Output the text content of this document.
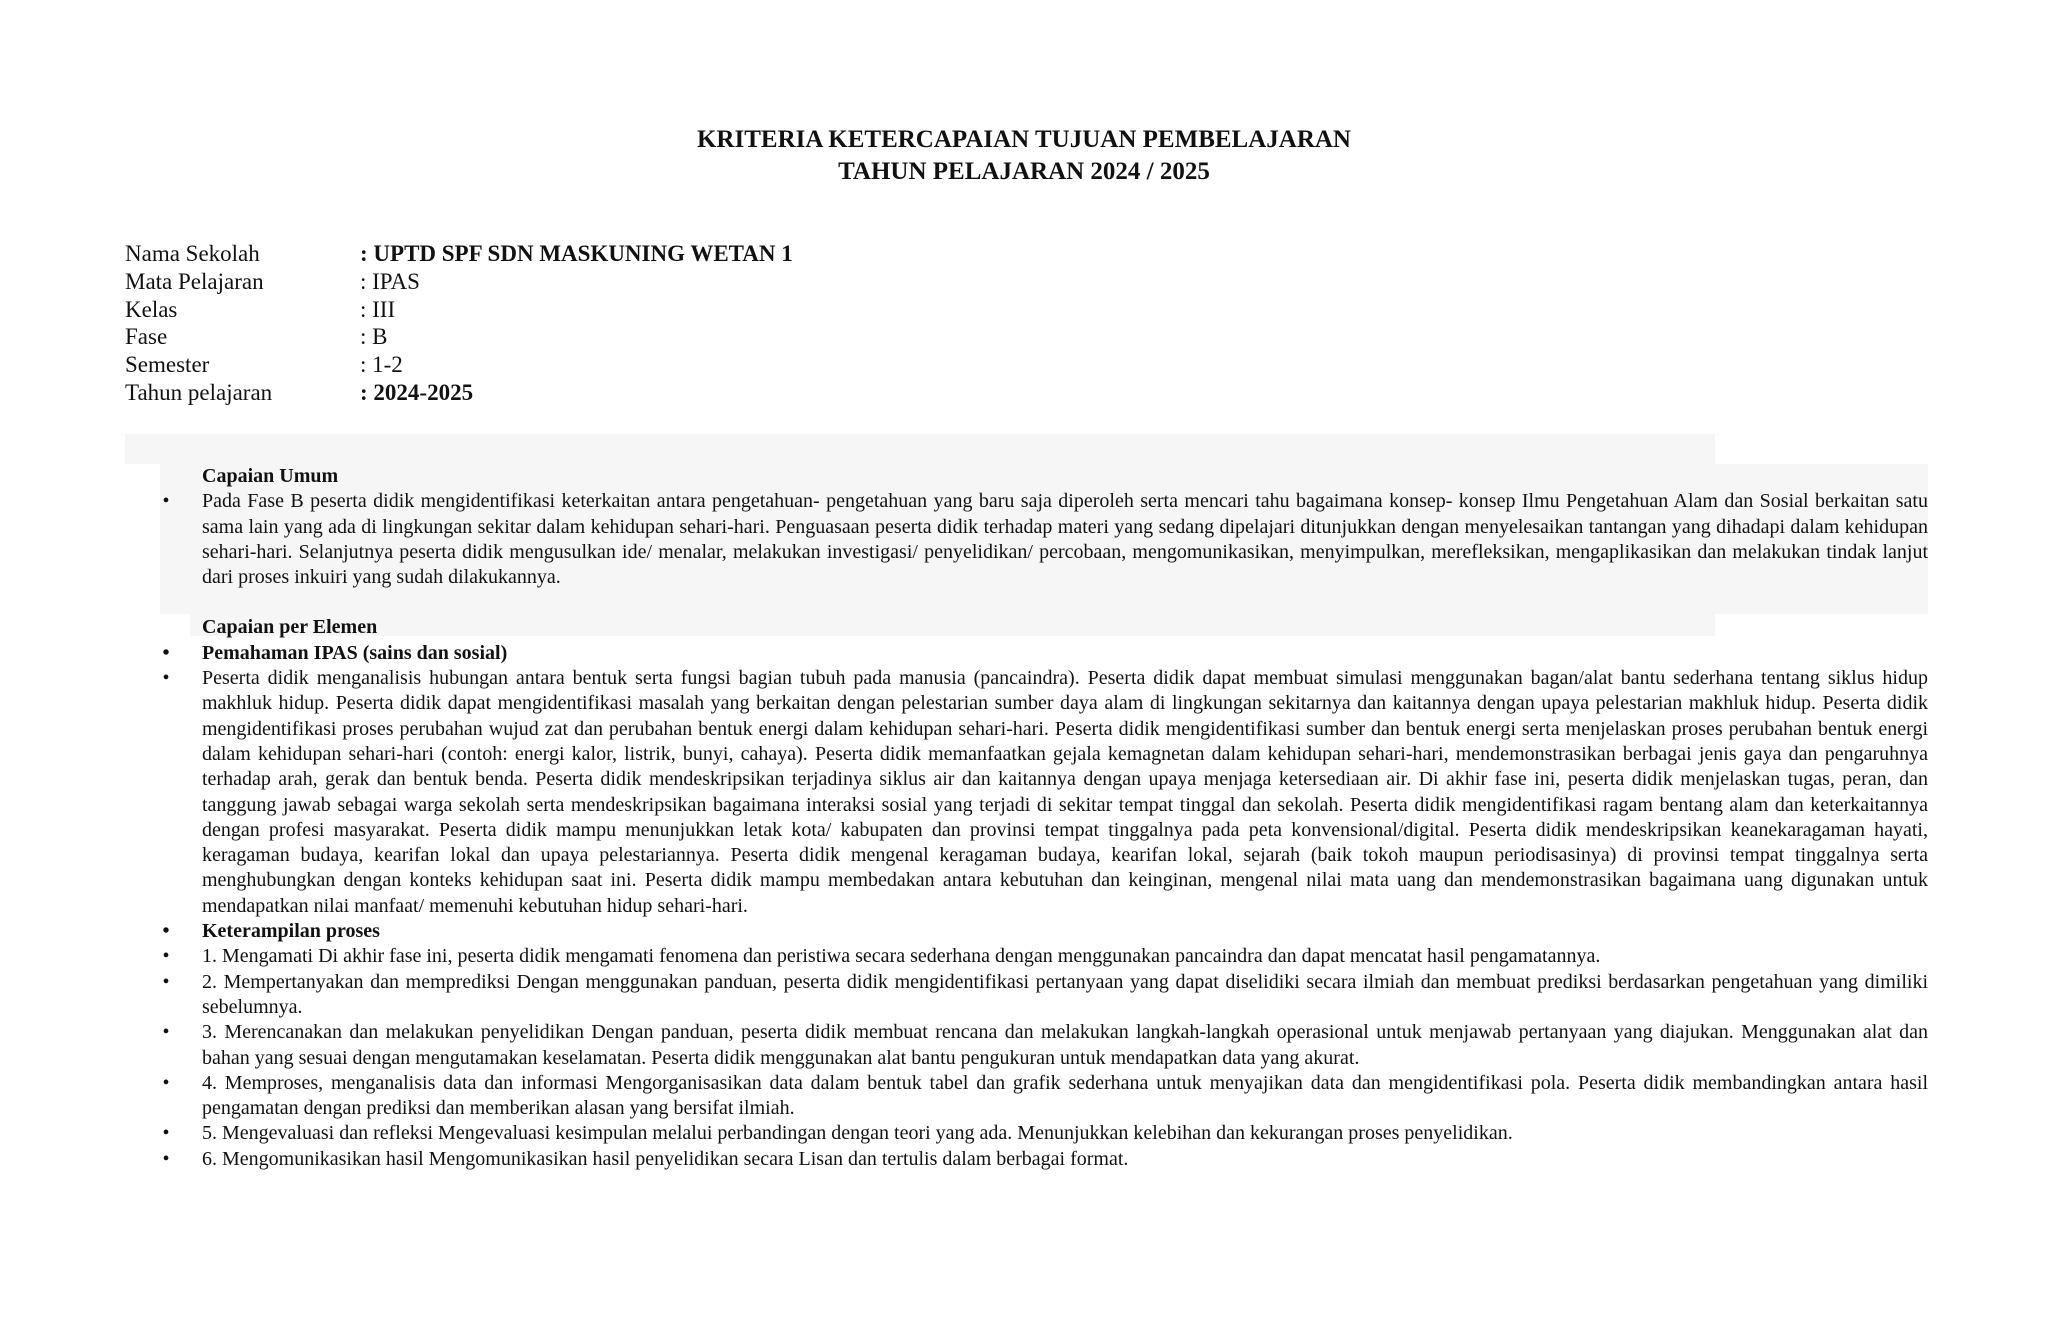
KRITERIA KETERCAPAIAN TUJUAN PEMBELAJARAN
TAHUN PELAJARAN 2024 / 2025
Nama Sekolah	: UPTD SPF SDN MASKUNING WETAN 1
Mata Pelajaran	: IPAS
Kelas	: III
Fase	: B
Semester	: 1-2
Tahun pelajaran	: 2024-2025
Capaian Umum
• Pada Fase B peserta didik mengidentifikasi keterkaitan antara pengetahuan- pengetahuan yang baru saja diperoleh serta mencari tahu bagaimana konsep- konsep Ilmu Pengetahuan Alam dan Sosial berkaitan satu sama lain yang ada di lingkungan sekitar dalam kehidupan sehari-hari. Penguasaan peserta didik terhadap materi yang sedang dipelajari ditunjukkan dengan menyelesaikan tantangan yang dihadapi dalam kehidupan sehari-hari. Selanjutnya peserta didik mengusulkan ide/ menalar, melakukan investigasi/ penyelidikan/ percobaan, mengomunikasikan, menyimpulkan, merefleksikan, mengaplikasikan dan melakukan tindak lanjut dari proses inkuiri yang sudah dilakukannya.
Capaian per Elemen
• Pemahaman IPAS (sains dan sosial)
• Peserta didik menganalisis hubungan antara bentuk serta fungsi bagian tubuh pada manusia (pancaindra). Peserta didik dapat membuat simulasi menggunakan bagan/alat bantu sederhana tentang siklus hidup makhluk hidup. Peserta didik dapat mengidentifikasi masalah yang berkaitan dengan pelestarian sumber daya alam di lingkungan sekitarnya dan kaitannya dengan upaya pelestarian makhluk hidup. Peserta didik mengidentifikasi proses perubahan wujud zat dan perubahan bentuk energi dalam kehidupan sehari-hari. Peserta didik mengidentifikasi sumber dan bentuk energi serta menjelaskan proses perubahan bentuk energi dalam kehidupan sehari-hari (contoh: energi kalor, listrik, bunyi, cahaya). Peserta didik memanfaatkan gejala kemagnetan dalam kehidupan sehari-hari, mendemonstrasikan berbagai jenis gaya dan pengaruhnya terhadap arah, gerak dan bentuk benda. Peserta didik mendeskripsikan terjadinya siklus air dan kaitannya dengan upaya menjaga ketersediaan air. Di akhir fase ini, peserta didik menjelaskan tugas, peran, dan tanggung jawab sebagai warga sekolah serta mendeskripsikan bagaimana interaksi sosial yang terjadi di sekitar tempat tinggal dan sekolah. Peserta didik mengidentifikasi ragam bentang alam dan keterkaitannya dengan profesi masyarakat. Peserta didik mampu menunjukkan letak kota/ kabupaten dan provinsi tempat tinggalnya pada peta konvensional/digital. Peserta didik mendeskripsikan keanekaragaman hayati, keragaman budaya, kearifan lokal dan upaya pelestariannya. Peserta didik mengenal keragaman budaya, kearifan lokal, sejarah (baik tokoh maupun periodisasinya) di provinsi tempat tinggalnya serta menghubungkan dengan konteks kehidupan saat ini. Peserta didik mampu membedakan antara kebutuhan dan keinginan, mengenal nilai mata uang dan mendemonstrasikan bagaimana uang digunakan untuk mendapatkan nilai manfaat/ memenuhi kebutuhan hidup sehari-hari.
• Keterampilan proses
• 1. Mengamati Di akhir fase ini, peserta didik mengamati fenomena dan peristiwa secara sederhana dengan menggunakan pancaindra dan dapat mencatat hasil pengamatannya.
• 2. Mempertanyakan dan memprediksi Dengan menggunakan panduan, peserta didik mengidentifikasi pertanyaan yang dapat diselidiki secara ilmiah dan membuat prediksi berdasarkan pengetahuan yang dimiliki sebelumnya.
• 3. Merencanakan dan melakukan penyelidikan Dengan panduan, peserta didik membuat rencana dan melakukan langkah-langkah operasional untuk menjawab pertanyaan yang diajukan. Menggunakan alat dan bahan yang sesuai dengan mengutamakan keselamatan. Peserta didik menggunakan alat bantu pengukuran untuk mendapatkan data yang akurat.
• 4. Memproses, menganalisis data dan informasi Mengorganisasikan data dalam bentuk tabel dan grafik sederhana untuk menyajikan data dan mengidentifikasi pola. Peserta didik membandingkan antara hasil pengamatan dengan prediksi dan memberikan alasan yang bersifat ilmiah.
• 5. Mengevaluasi dan refleksi Mengevaluasi kesimpulan melalui perbandingan dengan teori yang ada. Menunjukkan kelebihan dan kekurangan proses penyelidikan.
• 6. Mengomunikasikan hasil Mengomunikasikan hasil penyelidikan secara Lisan dan tertulis dalam berbagai format.
